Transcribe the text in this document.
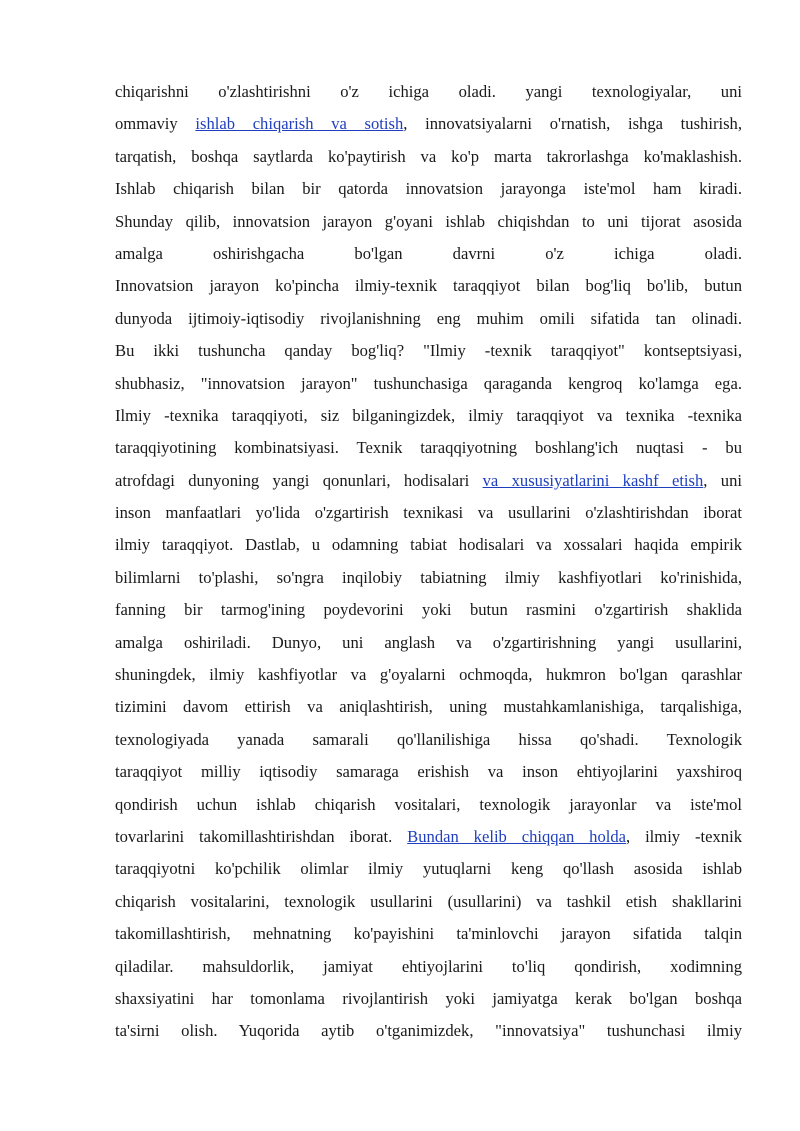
chiqarishni o'zlashtirishni o'z ichiga oladi. yangi texnologiyalar, uni
ommaviy ishlab chiqarish va sotish, innovatsiyalarni o'rnatish, ishga tushirish,
tarqatish, boshqa saytlarda ko'paytirish va ko'p marta takrorlashga ko'maklashish.
Ishlab chiqarish bilan bir qatorda innovatsion jarayonga iste'mol ham kiradi.
Shunday qilib, innovatsion jarayon g'oyani ishlab chiqishdan to uni tijorat asosida
amalga oshirishgacha bo'lgan davrni o'z ichiga oladi.
Innovatsion jarayon ko'pincha ilmiy-texnik taraqqiyot bilan bog'liq bo'lib, butun
dunyoda ijtimoiy-iqtisodiy rivojlanishning eng muhim omili sifatida tan olinadi.
Bu ikki tushuncha qanday bog'liq? "Ilmiy -texnik taraqqiyot" kontseptsiyasi,
shubhasiz, "innovatsion jarayon" tushunchasiga qaraganda kengroq ko'lamga ega.
Ilmiy -texnika taraqqiyoti, siz bilganingizdek, ilmiy taraqqiyot va texnika -texnika
taraqqiyotining kombinatsiyasi. Texnik taraqqiyotning boshlang'ich nuqtasi - bu
atrofdagi dunyoning yangi qonunlari, hodisalari va xususiyatlarini kashf etish, uni
inson manfaatlari yo'lida o'zgartirish texnikasi va usullarini o'zlashtirishdan iborat
ilmiy taraqqiyot. Dastlab, u odamning tabiat hodisalari va xossalari haqida empirik
bilimlarni to'plashi, so'ngra inqilobiy tabiatning ilmiy kashfiyotlari ko'rinishida,
fanning bir tarmog'ining poydevorini yoki butun rasmini o'zgartirish shaklida
amalga oshiriladi. Dunyo, uni anglash va o'zgartirishning yangi usullarini,
shuningdek, ilmiy kashfiyotlar va g'oyalarni ochmoqda, hukmron bo'lgan qarashlar
tizimini davom ettirish va aniqlashtirish, uning mustahkamlanishiga, tarqalishiga,
texnologiyada yanada samarali qo'llanilishiga hissa qo'shadi. Texnologik
taraqqiyot milliy iqtisodiy samaraga erishish va inson ehtiyojlarini yaxshiroq
qondirish uchun ishlab chiqarish vositalari, texnologik jarayonlar va iste'mol
tovarlarini takomillashtirishdan iborat. Bundan kelib chiqqan holda, ilmiy -texnik
taraqqiyotni ko'pchilik olimlar ilmiy yutuqlarni keng qo'llash asosida ishlab
chiqarish vositalarini, texnologik usullarini (usullarini) va tashkil etish shakllarini
takomillashtirish, mehnatning ko'payishini ta'minlovchi jarayon sifatida talqin
qiladilar. mahsuldorlik, jamiyat ehtiyojlarini to'liq qondirish, xodimning
shaxsiyatini har tomonlama rivojlantirish yoki jamiyatga kerak bo'lgan boshqa
ta'sirni olish. Yuqorida aytib o'tganimizdek, "innovatsiya" tushunchasi ilmiy
